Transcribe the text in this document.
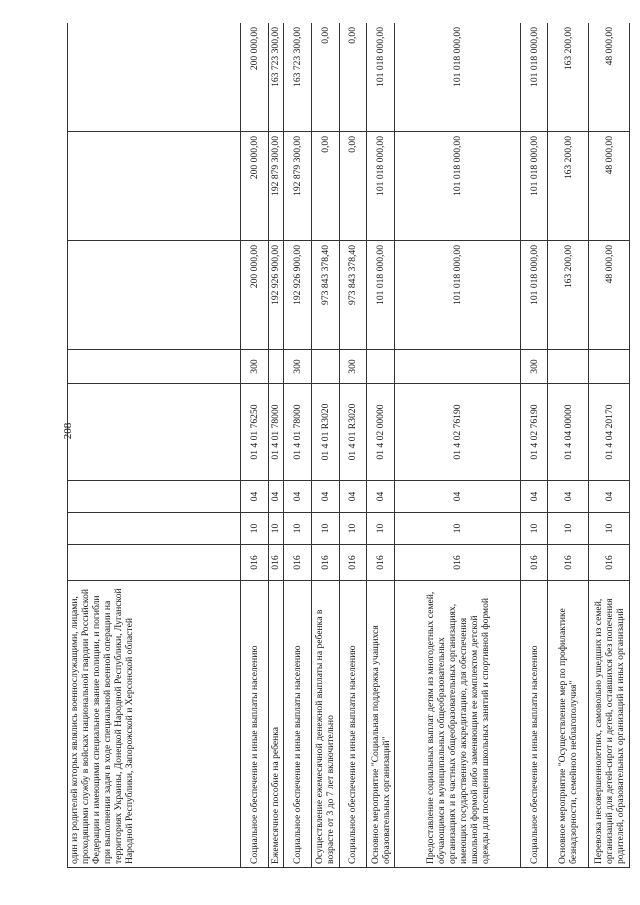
208
один из родителей которых являлись военнослужащими, лицами, проходящими службу в войсках национальной гвардии Российской Федерации и имеющими специальное звание полиции, и погибли при выполнении задач в ходе специальной военной операции на территориях Украины, Донецкой Народной Республики, Луганской Народной Республики, Запорожской и Херсонской областей								
Социальное обеспечение и иные выплаты населению	016	10	04	01 4 01 76250	300	200 000,00	200 000,00	200 000,00
Ежемесячное пособие на ребенка	016	10	04	01 4 01 78000		192 926 900,00	192 879 300,00	163 723 300,00
Социальное обеспечение и иные выплаты населению	016	10	04	01 4 01 78000	300	192 926 900,00	192 879 300,00	163 723 300,00
Осуществление ежемесячной денежной выплаты на ребенка в возрасте от 3 до 7 лет включительно	016	10	04	01 4 01 R3020		973 843 378,40	0,00	0,00
Социальное обеспечение и иные выплаты населению	016	10	04	01 4 01 R3020	300	973 843 378,40	0,00	0,00
Основное мероприятие "Социальная поддержка учащихся образовательных организаций"	016	10	04	01 4 02 00000		101 018 000,00	101 018 000,00	101 018 000,00
Предоставление социальных выплат детям из многодетных семей, обучающимся в муниципальных общеобразовательных организациях и в частных общеобразовательных организациях, имеющих государственную аккредитацию, для обеспечения школьной формой либо заменяющим ее комплектом детской одежды для посещения школьных занятий и спортивной формой	016	10	04	01 4 02 76190		101 018 000,00	101 018 000,00	101 018 000,00
Социальное обеспечение и иные выплаты населению	016	10	04	01 4 02 76190	300	101 018 000,00	101 018 000,00	101 018 000,00
Основное мероприятие "Осуществление мер по профилактике безнадзорности, семейного неблагополучия"	016	10	04	01 4 04 00000		163 200,00	163 200,00	163 200,00
Перевозка несовершеннолетних, самовольно ушедших из семей, организаций для детей-сирот и детей, оставшихся без попечения родителей, образовательных организаций и иных организаций	016	10	04	01 4 04 20170		48 000,00	48 000,00	48 000,00
